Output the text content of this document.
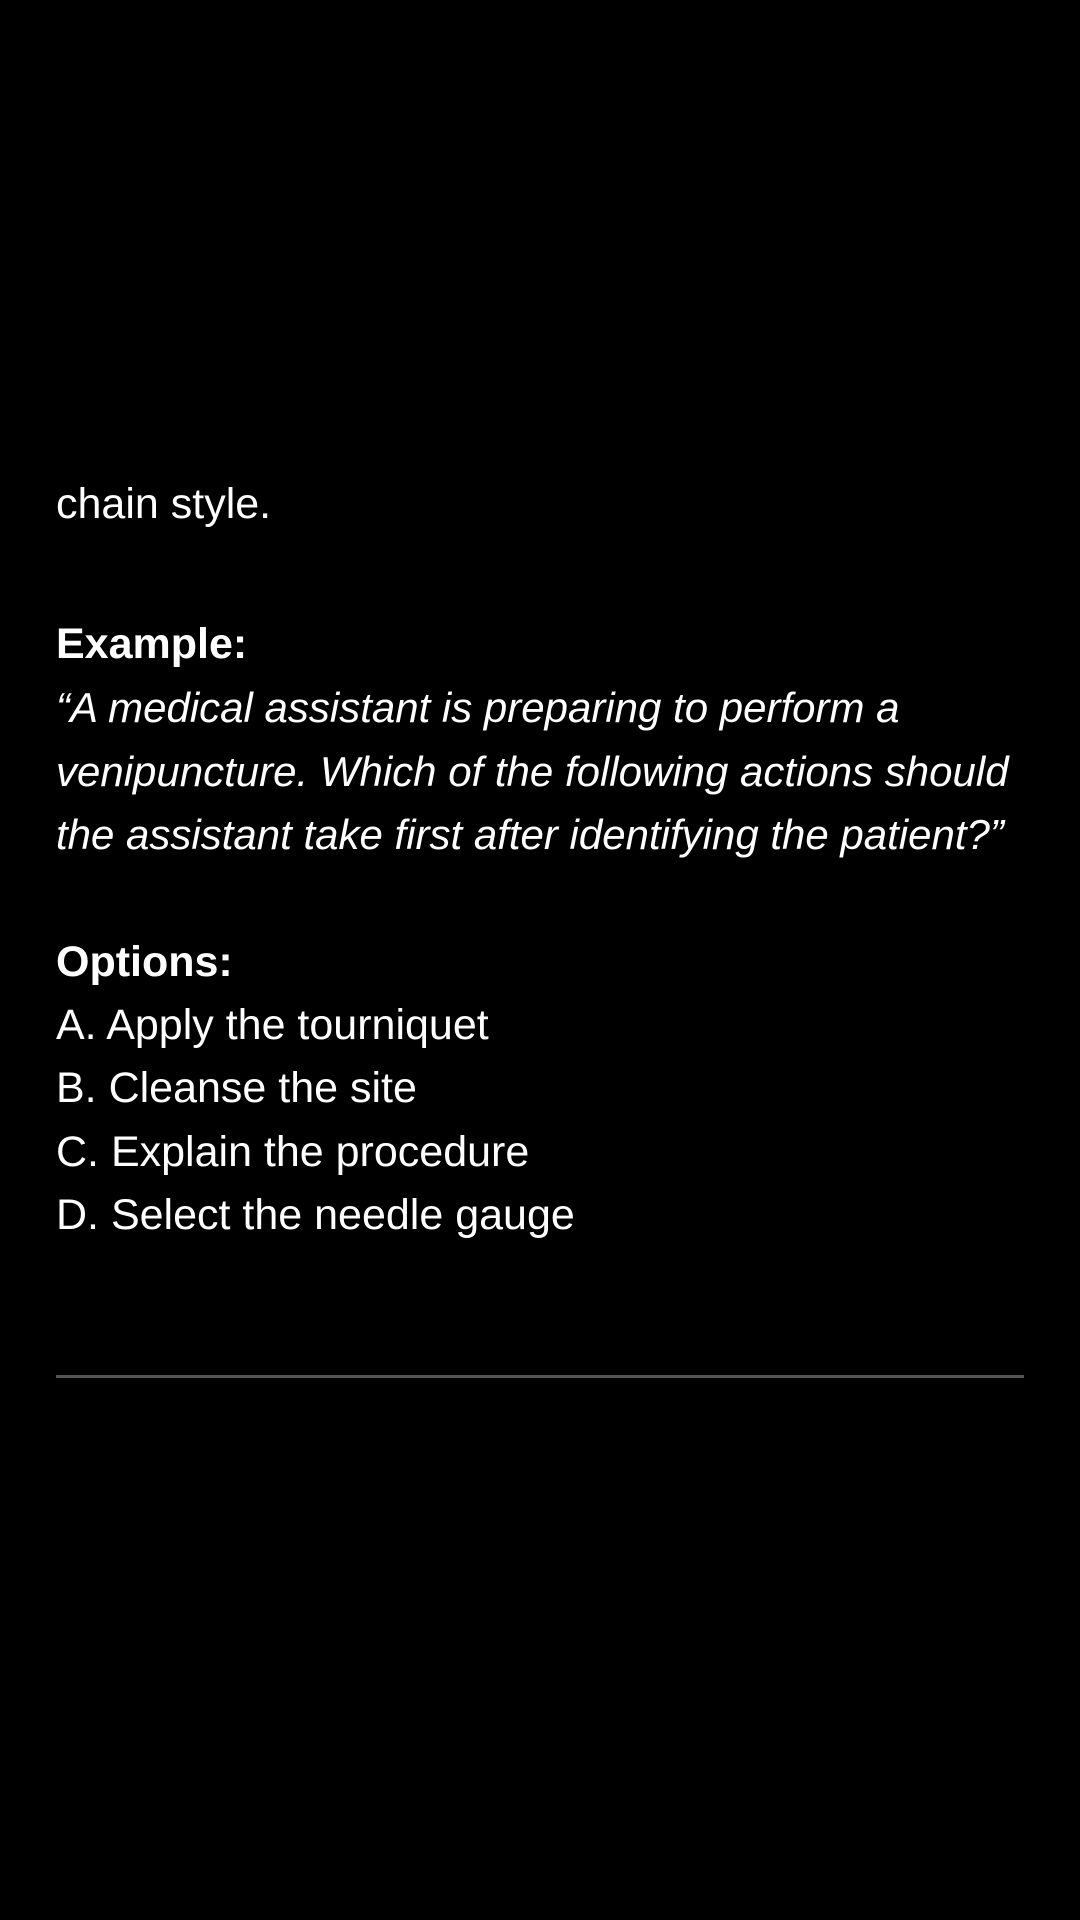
chain style.

Example:

“A medical assistant is preparing to perform a venipuncture. Which of the following actions should the assistant take first after identifying the patient?”

Options:

A. Apply the tourniquet

B. Cleanse the site

C. Explain the procedure

D. Select the needle gauge
